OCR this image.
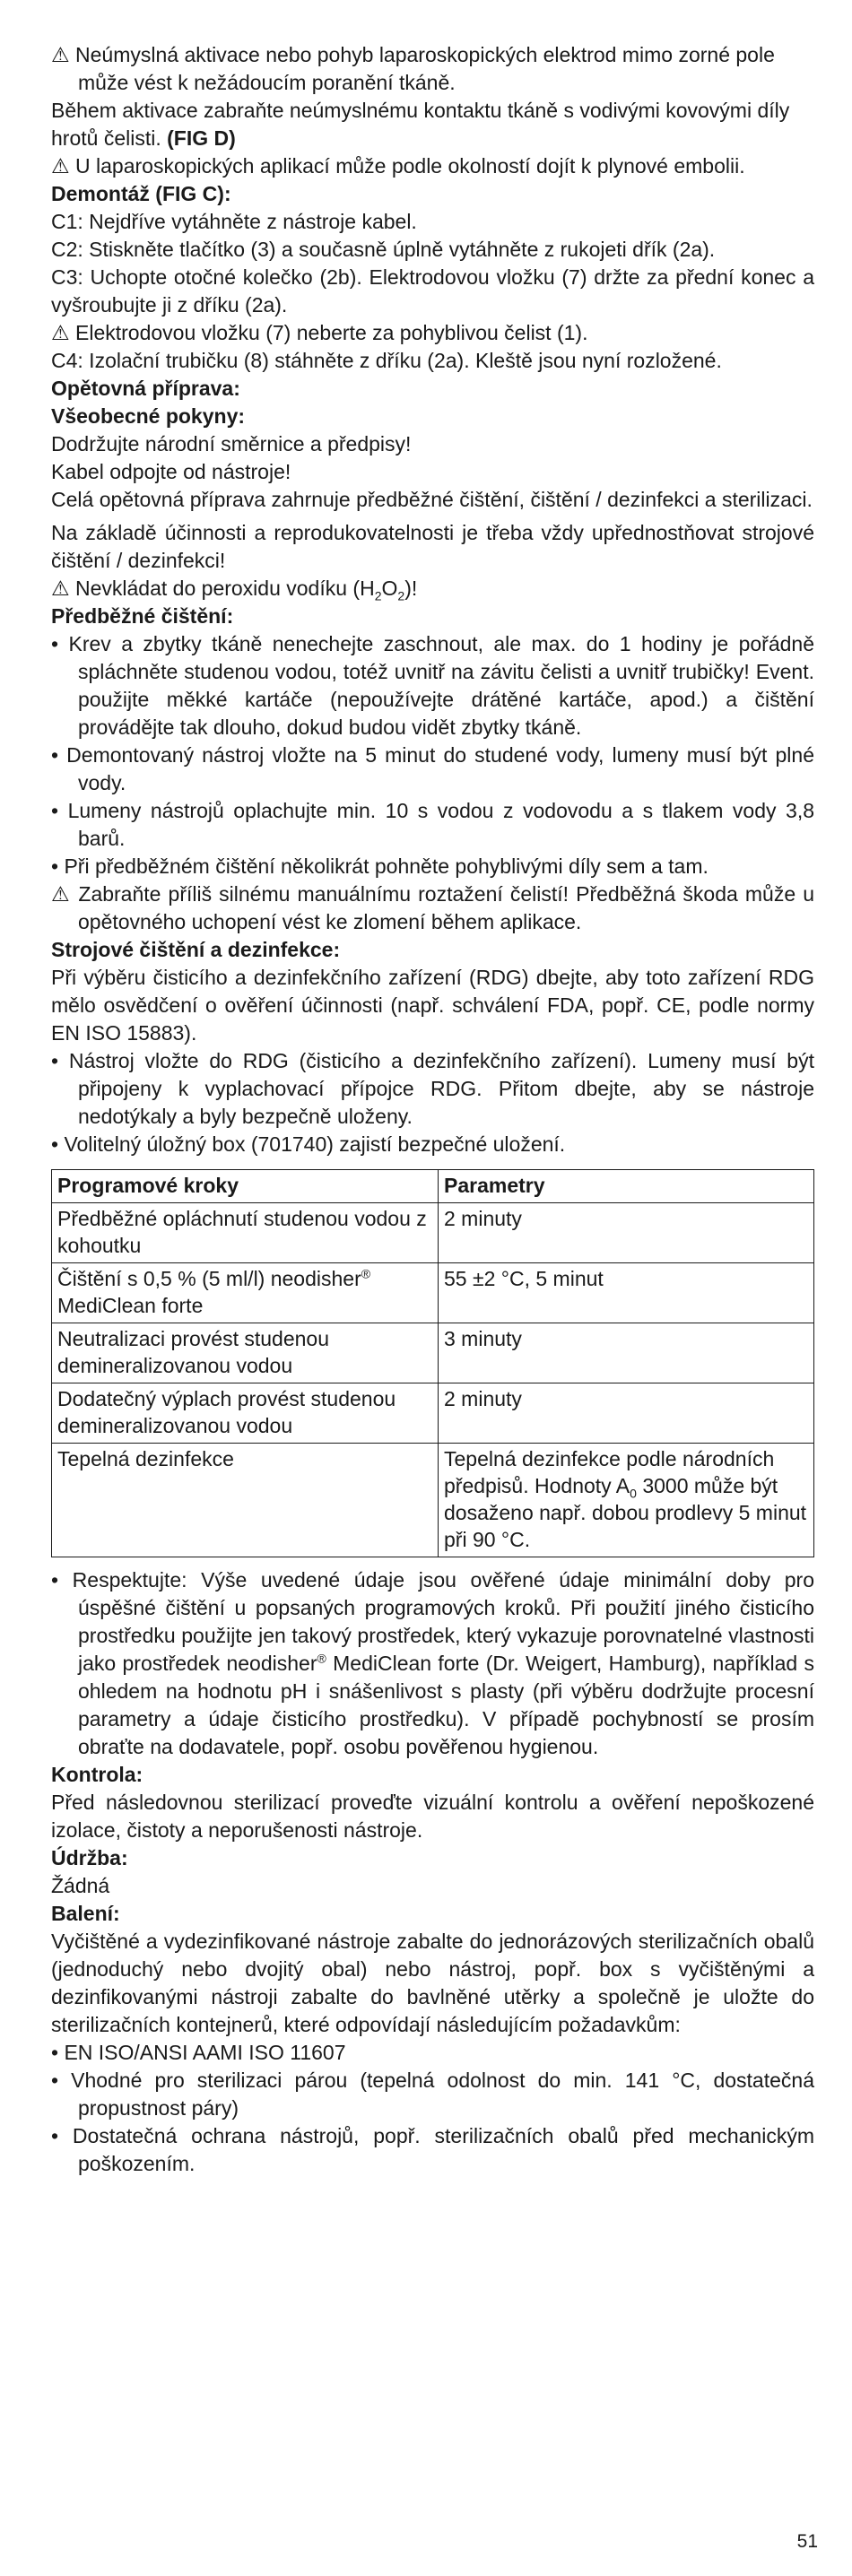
⚠ Neúmyslná aktivace nebo pohyb laparoskopických elektrod mimo zorné pole

může vést k nežádoucím poranění tkáně.

Během aktivace zabraňte neúmyslnému kontaktu tkáně s vodivými kovovými díly hrotů čelisti. (FIG D)

⚠ U laparoskopických aplikací může podle okolností dojít k plynové embolii.

Demontáž (FIG C):

C1: Nejdříve vytáhněte z nástroje kabel.

C2: Stiskněte tlačítko (3) a současně úplně vytáhněte z rukojeti dřík (2a).

C3: Uchopte otočné kolečko (2b). Elektrodovou vložku (7) držte za přední konec a vyšroubujte ji z dříku (2a).

⚠ Elektrodovou vložku (7) neberte za pohyblivou čelist (1).

C4: Izolační trubičku (8) stáhněte z dříku (2a). Kleště jsou nyní rozložené.

Opětovná příprava:

Všeobecné pokyny:

Dodržujte národní směrnice a předpisy!

Kabel odpojte od nástroje!

Celá opětovná příprava zahrnuje předběžné čištění, čištění / dezinfekci a sterilizaci.

Na základě účinnosti a reprodukovatelnosti je třeba vždy upřednostňovat strojové čištění / dezinfekci!

⚠ Nevkládat do peroxidu vodíku $(H_2O_2)$!

Předběžné čištění:

• Krev a zbytky tkáně nenechejte zaschnout, ale max. do 1 hodiny je pořádně spláchněte studenou vodou, totéž uvnitř na závitu čelisti a uvnitř trubičky! Event. použijte měkké kartáče (nepoužívejte drátěné kartáče, apod.) a čištění provádějte tak dlouho, dokud budou vidět zbytky tkáně.

• Demontovaný nástroj vložte na 5 minut do studené vody, lumeny musí být plné vody.

• Lumeny nástrojů oplachujte min. 10 s vodou z vodovodu a s tlakem vody 3,8 barů.

• Při předběžném čištění několikrát pohněte pohyblivými díly sem a tam.

⚠ Zabraňte příliš silnému manuálnímu roztažení čelistí! Předběžná škoda může u opětovného uchopení vést ke zlomení během aplikace.

Strojové čištění a dezinfekce:

Při výběru čisticího a dezinfekčního zařízení (RDG) dbejte, aby toto zařízení RDG mělo osvědčení o ověření účinnosti (např. schválení FDA, popř. CE, podle normy EN ISO 15883).

• Nástroj vložte do RDG (čisticího a dezinfekčního zařízení). Lumeny musí být připojeny k vyplachovací přípojce RDG. Přitom dbejte, aby se nástroje nedotýkaly a byly bezpečně uloženy.

• Volitelný úložný box (701740) zajistí bezpečné uložení.

Programové kroky	Parametry
Předběžné opláchnutí studenou vodou z kohoutku	2 minuty
Čištění s 0,5 % (5 ml/l) neodisher®
MediClean forte	55 ±2 °C, 5 minut
Neutralizaci provést studenou demineralizovanou vodou	3 minuty
Dodatečný výplach provést studenou demineralizovanou vodou	2 minuty
Tepelná dezinfekce	Tepelná dezinfekce podle národních předpisů. Hodnoty $A_0$ 3000 může být dosaženo např. dobou prodlevy 5 minut při 90 °C.

• Respektujte: Výše uvedené údaje jsou ověřené údaje minimální doby pro úspěšné čištění u popsaných programových kroků. Při použití jiného čisticího prostředku použijte jen takový prostředek, který vykazuje porovnatelné vlastnosti jako prostředek neodisher® MediClean forte (Dr. Weigert, Hamburg), například s ohledem na hodnotu pH i snášenlivost s plasty (při výběru dodržujte procesní parametry a údaje čisticího prostředku). V případě pochybností se prosím obraťte na dodavatele, popř. osobu pověřenou hygienou.

Kontrola:

Před následovnou sterilizací proveďte vizuální kontrolu a ověření nepoškozené izolace, čistoty a neporušenosti nástroje.

Údržba:

Žádná

Balení:

Vyčištěné a vydezinfikované nástroje zabalte do jednorázových sterilizačních obalů (jednoduchý nebo dvojitý obal) nebo nástroj, popř. box s vyčištěnými a dezinfikovanými nástroji zabalte do bavlněné utěrky a společně je uložte do sterilizačních kontejnerů, které odpovídají následujícím požadavkům:

• EN ISO/ANSI AAMI ISO 11607

• Vhodné pro sterilizaci párou (tepelná odolnost do min. 141 °C, dostatečná propustnost páry)

• Dostatečná ochrana nástrojů, popř. sterilizačních obalů před mechanickým poškozením.

51
